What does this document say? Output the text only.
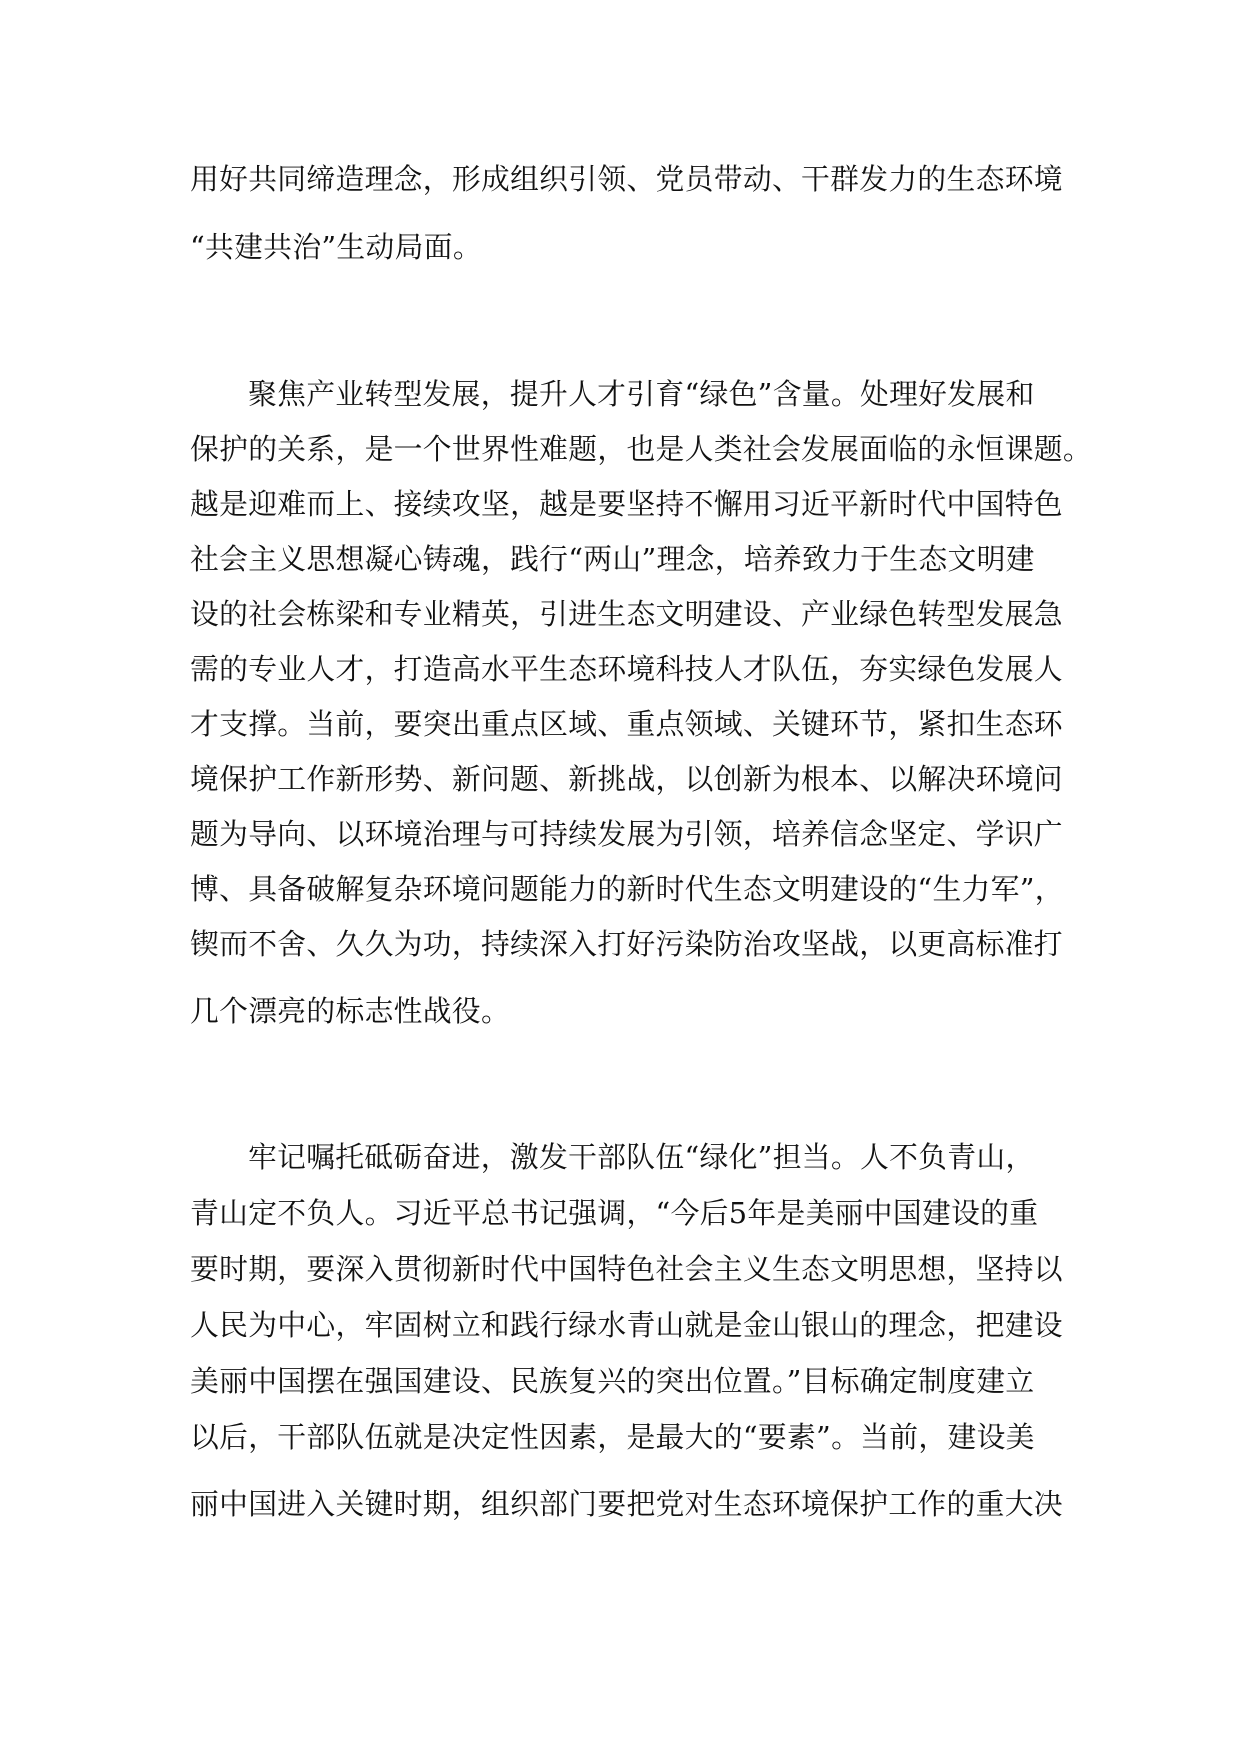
用好共同缔造理念，形成组织引领、党员带动、干群发力的生态环境
“共建共治”生动局面。
聚焦产业转型发展，提升人才引育“绿色”含量。处理好发展和
保护的关系，是一个世界性难题，也是人类社会发展面临的永恒课题。
越是迎难而上、接续攻坚，越是要坚持不懈用习近平新时代中国特色
社会主义思想凝心铸魂，践行“两山”理念，培养致力于生态文明建
设的社会栋梁和专业精英，引进生态文明建设、产业绿色转型发展急
需的专业人才，打造高水平生态环境科技人才队伍，夯实绿色发展人
才支撑。当前，要突出重点区域、重点领域、关键环节，紧扣生态环
境保护工作新形势、新问题、新挑战，以创新为根本、以解决环境问
题为导向、以环境治理与可持续发展为引领，培养信念坚定、学识广
博、具备破解复杂环境问题能力的新时代生态文明建设的“生力军”，
锲而不舍、久久为功，持续深入打好污染防治攻坚战，以更高标准打
几个漂亮的标志性战役。
牢记嘱托砥砺奋进，激发干部队伍“绿化”担当。人不负青山，
青山定不负人。习近平总书记强调，“今后5年是美丽中国建设的重
要时期，要深入贯彻新时代中国特色社会主义生态文明思想，坚持以
人民为中心，牢固树立和践行绿水青山就是金山银山的理念，把建设
美丽中国摆在强国建设、民族复兴的突出位置。”目标确定制度建立
以后，干部队伍就是决定性因素，是最大的“要素”。当前，建设美
丽中国进入关键时期，组织部门要把党对生态环境保护工作的重大决
